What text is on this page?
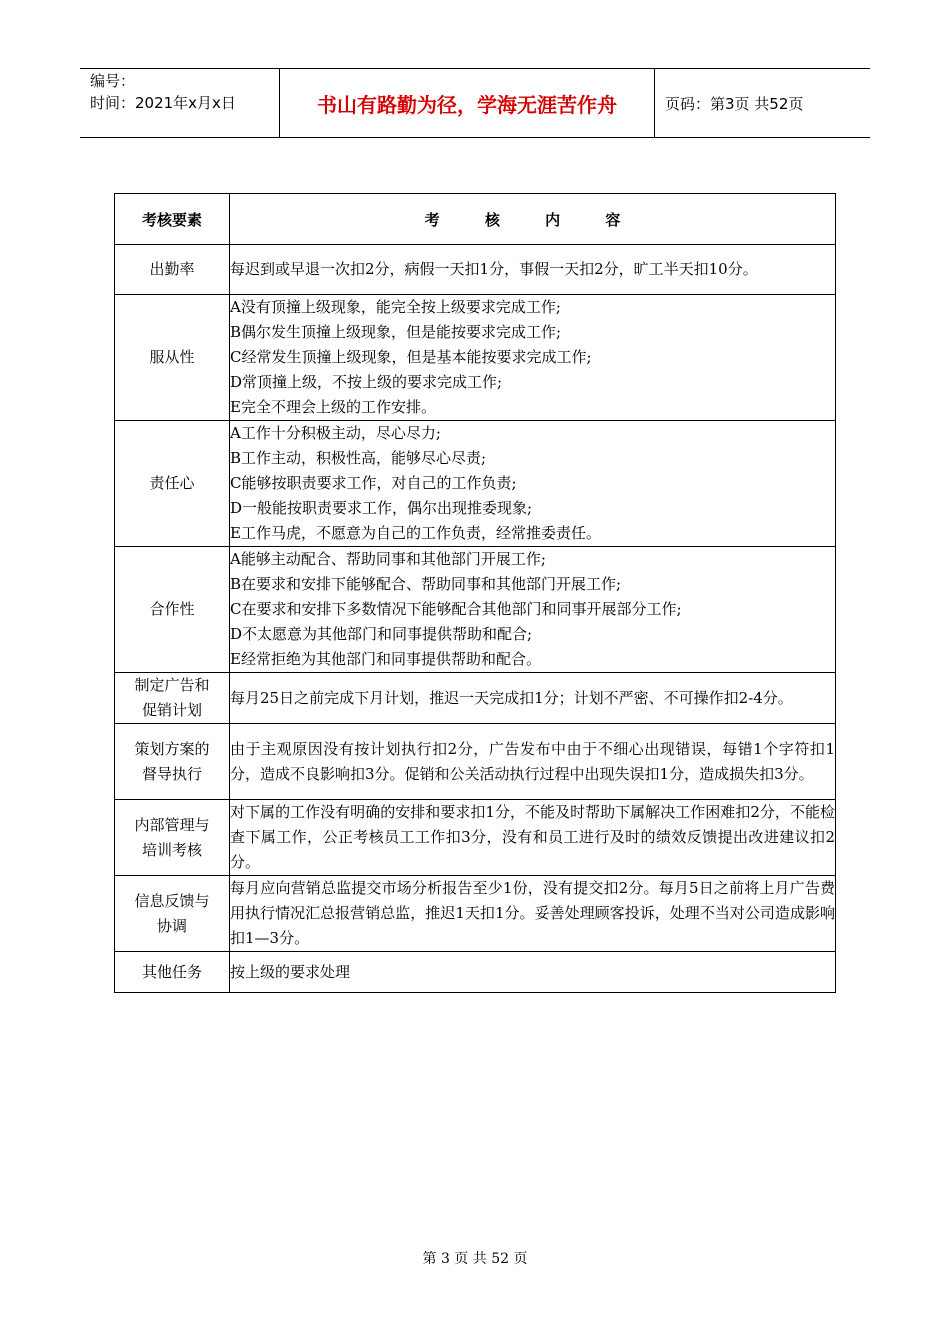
编号：
时间：2021年x月x日	书山有路勤为径，学海无涯苦作舟	页码：第3页 共52页
考核要素	考 核 内 容
出勤率	每迟到或早退一次扣2分，病假一天扣1分，事假一天扣2分，旷工半天扣10分。

服从性	A没有顶撞上级现象，能完全按上级要求完成工作;
B偶尔发生顶撞上级现象，但是能按要求完成工作;
C经常发生顶撞上级现象，但是基本能按要求完成工作;
D常顶撞上级，不按上级的要求完成工作;
E完全不理会上级的工作安排。

责任心	A工作十分积极主动，尽心尽力;
B工作主动，积极性高，能够尽心尽责;
C能够按职责要求工作，对自己的工作负责;
D一般能按职责要求工作，偶尔出现推委现象;
E工作马虎，不愿意为自己的工作负责，经常推委责任。

合作性	A能够主动配合、帮助同事和其他部门开展工作;
B在要求和安排下能够配合、帮助同事和其他部门开展工作;
C在要求和安排下多数情况下能够配合其他部门和同事开展部分工作;
D不太愿意为其他部门和同事提供帮助和配合;
E经常拒绝为其他部门和同事提供帮助和配合。

制定广告和促销计划	每月25日之前完成下月计划，推迟一天完成扣1分；计划不严密、不可操作扣2-4分。

策划方案的督导执行	由于主观原因没有按计划执行扣2分，广告发布中由于不细心出现错误，每错1个字符扣1分，造成不良影响扣3分。促销和公关活动执行过程中出现失误扣1分，造成损失扣3分。

内部管理与培训考核	对下属的工作没有明确的安排和要求扣1分，不能及时帮助下属解决工作困难扣2分，不能检查下属工作，公正考核员工工作扣3分，没有和员工进行及时的绩效反馈提出改进建议扣2分。

信息反馈与协调	每月应向营销总监提交市场分析报告至少1份，没有提交扣2分。每月5日之前将上月广告费用执行情况汇总报营销总监，推迟1天扣1分。妥善处理顾客投诉，处理不当对公司造成影响扣1—3分。

其他任务	按上级的要求处理
第 3 页 共 52 页
